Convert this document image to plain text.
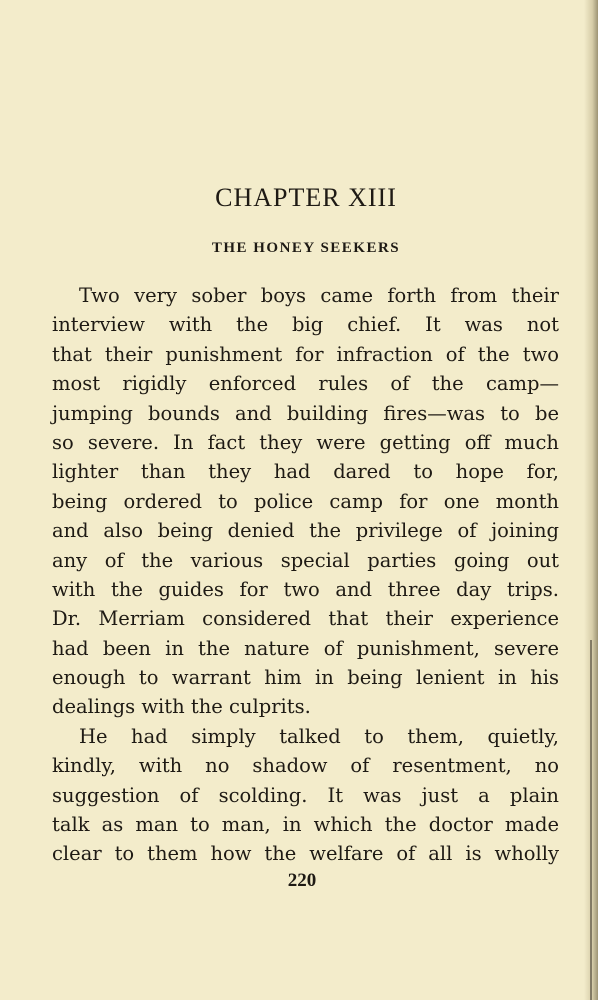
CHAPTER XIII
THE HONEY SEEKERS
Two very sober boys came forth from their
interview with the big chief. It was not
that their punishment for infraction of the two
most rigidly enforced rules of the camp—
jumping bounds and building fires—was to be
so severe. In fact they were getting off much
lighter than they had dared to hope for,
being ordered to police camp for one month
and also being denied the privilege of joining
any of the various special parties going out
with the guides for two and three day trips.
Dr. Merriam considered that their experience
had been in the nature of punishment, severe
enough to warrant him in being lenient in his
dealings with the culprits.
He had simply talked to them, quietly,
kindly, with no shadow of resentment, no
suggestion of scolding. It was just a plain
talk as man to man, in which the doctor made
clear to them how the welfare of all is wholly
220
